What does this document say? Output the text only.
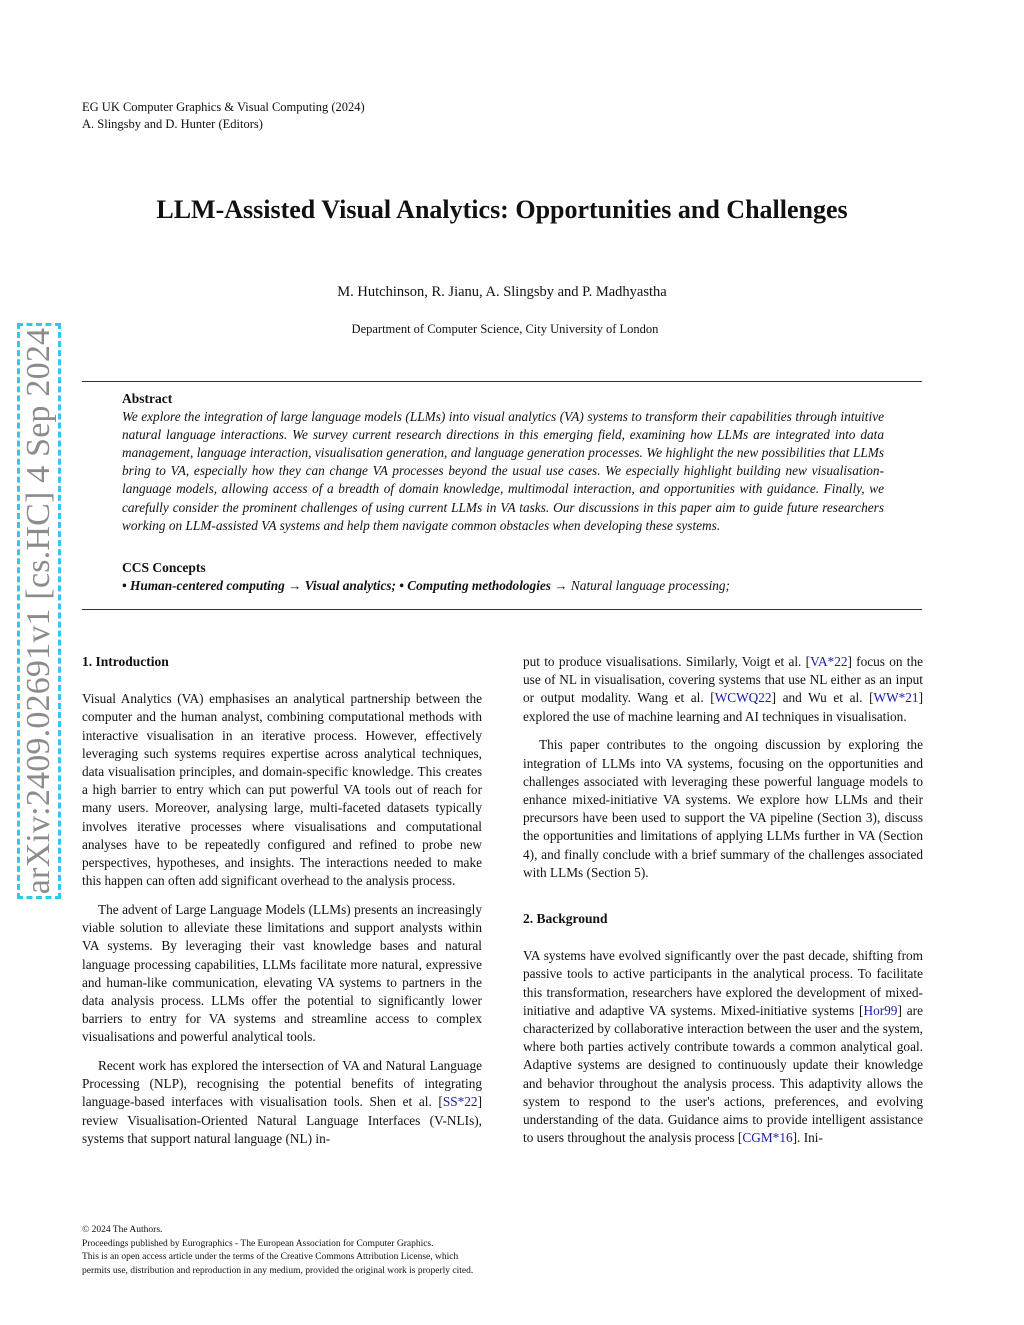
EG UK Computer Graphics & Visual Computing (2024)
A. Slingsby and D. Hunter (Editors)
arXiv:2409.02691v1 [cs.HC] 4 Sep 2024
LLM-Assisted Visual Analytics: Opportunities and Challenges
M. Hutchinson, R. Jianu, A. Slingsby and P. Madhyastha
Department of Computer Science, City University of London
Abstract

We explore the integration of large language models (LLMs) into visual analytics (VA) systems to transform their capabilities through intuitive natural language interactions. We survey current research directions in this emerging field, examining how LLMs are integrated into data management, language interaction, visualisation generation, and language generation processes. We highlight the new possibilities that LLMs bring to VA, especially how they can change VA processes beyond the usual use cases. We especially highlight building new visualisation-language models, allowing access of a breadth of domain knowledge, multimodal interaction, and opportunities with guidance. Finally, we carefully consider the prominent challenges of using current LLMs in VA tasks. Our discussions in this paper aim to guide future researchers working on LLM-assisted VA systems and help them navigate common obstacles when developing these systems.

CCS Concepts
• Human-centered computing → Visual analytics; • Computing methodologies → Natural language processing;
1. Introduction

Visual Analytics (VA) emphasises an analytical partnership between the computer and the human analyst, combining computational methods with interactive visualisation in an iterative process. However, effectively leveraging such systems requires expertise across analytical techniques, data visualisation principles, and domain-specific knowledge. This creates a high barrier to entry which can put powerful VA tools out of reach for many users. Moreover, analysing large, multi-faceted datasets typically involves iterative processes where visualisations and computational analyses have to be repeatedly configured and refined to probe new perspectives, hypotheses, and insights. The interactions needed to make this happen can often add significant overhead to the analysis process.

The advent of Large Language Models (LLMs) presents an increasingly viable solution to alleviate these limitations and support analysts within VA systems. By leveraging their vast knowledge bases and natural language processing capabilities, LLMs facilitate more natural, expressive and human-like communication, elevating VA systems to partners in the data analysis process. LLMs offer the potential to significantly lower barriers to entry for VA systems and streamline access to complex visualisations and powerful analytical tools.

Recent work has explored the intersection of VA and Natural Language Processing (NLP), recognising the potential benefits of integrating language-based interfaces with visualisation tools. Shen et al. [SS*22] review Visualisation-Oriented Natural Language Interfaces (V-NLIs), systems that support natural language (NL) in-

put to produce visualisations. Similarly, Voigt et al. [VA*22] focus on the use of NL in visualisation, covering systems that use NL either as an input or output modality. Wang et al. [WCWQ22] and Wu et al. [WW*21] explored the use of machine learning and AI techniques in visualisation.

This paper contributes to the ongoing discussion by exploring the integration of LLMs into VA systems, focusing on the opportunities and challenges associated with leveraging these powerful language models to enhance mixed-initiative VA systems. We explore how LLMs and their precursors have been used to support the VA pipeline (Section 3), discuss the opportunities and limitations of applying LLMs further in VA (Section 4), and finally conclude with a brief summary of the challenges associated with LLMs (Section 5).

2. Background

VA systems have evolved significantly over the past decade, shifting from passive tools to active participants in the analytical process. To facilitate this transformation, researchers have explored the development of mixed-initiative and adaptive VA systems. Mixed-initiative systems [Hor99] are characterized by collaborative interaction between the user and the system, where both parties actively contribute towards a common analytical goal. Adaptive systems are designed to continuously update their knowledge and behavior throughout the analysis process. This adaptivity allows the system to respond to the user's actions, preferences, and evolving understanding of the data. Guidance aims to provide intelligent assistance to users throughout the analysis process [CGM*16]. Ini-

© 2024 The Authors.

Proceedings published by Eurographics - The European Association for Computer Graphics.

This is an open access article under the terms of the Creative Commons Attribution License, which permits use, distribution and reproduction in any medium, provided the original work is properly cited.
